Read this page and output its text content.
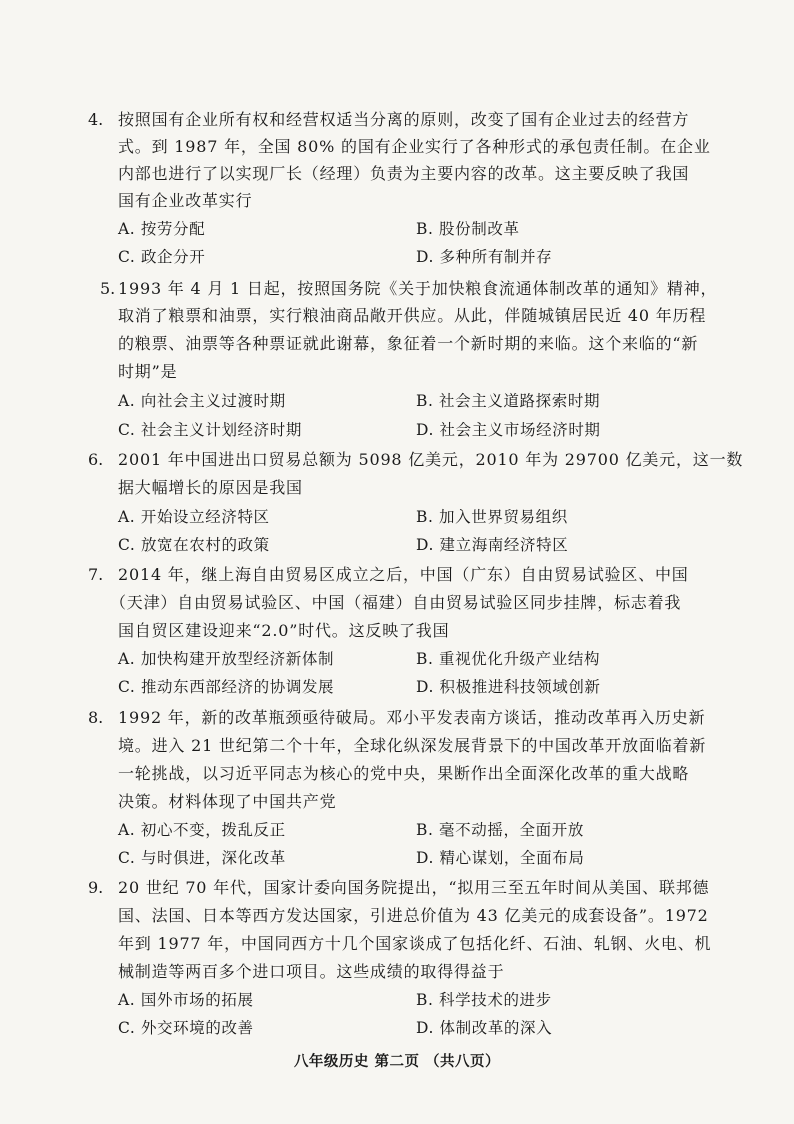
4. 按照国有企业所有权和经营权适当分离的原则，改变了国有企业过去的经营方
式。到 1987 年，全国 80% 的国有企业实行了各种形式的承包责任制。在企业
内部也进行了以实现厂长（经理）负责为主要内容的改革。这主要反映了我国
国有企业改革实行
A. 按劳分配	B. 股份制改革
C. 政企分开	D. 多种所有制并存
5. 1993 年 4 月 1 日起，按照国务院《关于加快粮食流通体制改革的通知》精神，
取消了粮票和油票，实行粮油商品敞开供应。从此，伴随城镇居民近 40 年历程
的粮票、油票等各种票证就此谢幕，象征着一个新时期的来临。这个来临的“新
时期”是
A. 向社会主义过渡时期	B. 社会主义道路探索时期
C. 社会主义计划经济时期	D. 社会主义市场经济时期
6. 2001 年中国进出口贸易总额为 5098 亿美元，2010 年为 29700 亿美元，这一数
据大幅增长的原因是我国
A. 开始设立经济特区	B. 加入世界贸易组织
C. 放宽在农村的政策	D. 建立海南经济特区
7. 2014 年，继上海自由贸易区成立之后，中国（广东）自由贸易试验区、中国
（天津）自由贸易试验区、中国（福建）自由贸易试验区同步挂牌，标志着我
国自贸区建设迎来“2.0”时代。这反映了我国
A. 加快构建开放型经济新体制	B. 重视优化升级产业结构
C. 推动东西部经济的协调发展	D. 积极推进科技领域创新
8. 1992 年，新的改革瓶颈亟待破局。邓小平发表南方谈话，推动改革再入历史新
境。进入 21 世纪第二个十年，全球化纵深发展背景下的中国改革开放面临着新
一轮挑战，以习近平同志为核心的党中央，果断作出全面深化改革的重大战略
决策。材料体现了中国共产党
A. 初心不变，拨乱反正	B. 毫不动摇，全面开放
C. 与时俱进，深化改革	D. 精心谋划，全面布局
9. 20 世纪 70 年代，国家计委向国务院提出，“拟用三至五年时间从美国、联邦德
国、法国、日本等西方发达国家，引进总价值为 43 亿美元的成套设备”。1972
年到 1977 年，中国同西方十几个国家谈成了包括化纤、石油、轧钢、火电、机
械制造等两百多个进口项目。这些成绩的取得得益于
A. 国外市场的拓展	B. 科学技术的进步
C. 外交环境的改善	D. 体制改革的深入
八年级历史 第二页 （共八页）
